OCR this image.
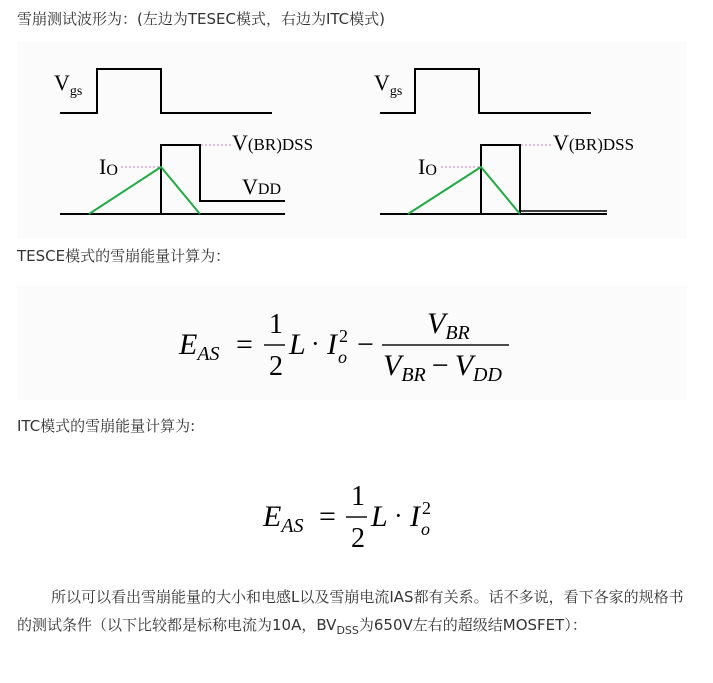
雪崩测试波形为：(左边为TESEC模式，右边为ITC模式)
$V_{gs}$
IO
V(BR)DSS
VDD
$V_{gs}$
IO
V(BR)DSS
TESCE模式的雪崩能量计算为：
$E_{AS}$ =
1
2
L · I 2
o −
$V_{BR}$
$V_{BR} - V_{DD}$
ITC模式的雪崩能量计算为:
$E_{AS}$ =
1
2
L · I 2
o
所以可以看出雪崩能量的大小和电感L以及雪崩电流IAS都有关系。话不多说，看下各家的规格书的测试条件（以下比较都是标称电流为10A，$BV_{DSS}$为650V左右的超级结MOSFET）：
